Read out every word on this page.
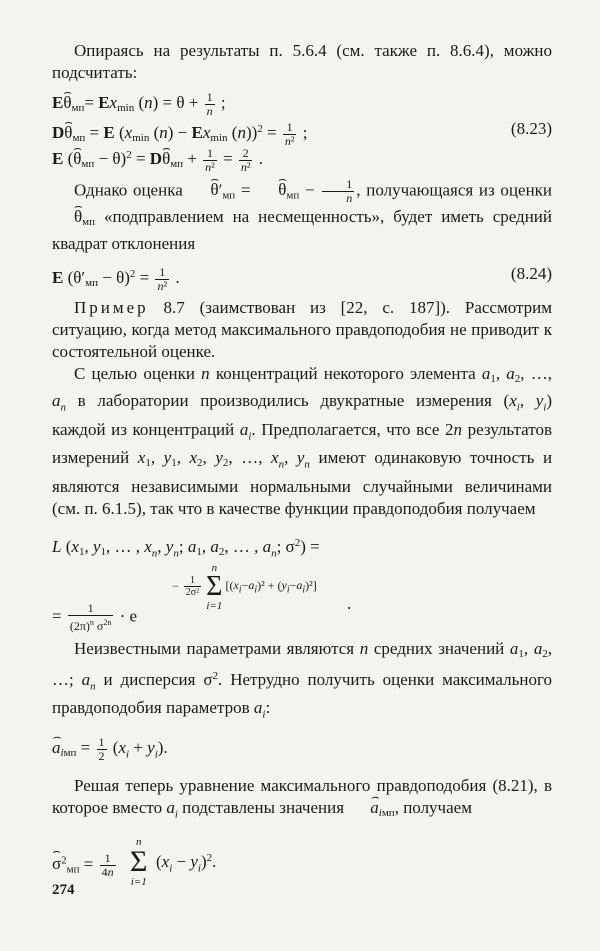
Опираясь на результаты п. 5.6.4 (см. также п. 8.6.4), можно подсчитать:

E⌢ $\theta_{мп}= Ex_{min}$ $(n) = \theta + \frac{1}{n}$ ;
D⌢ $\theta_{мп} = E$ ($x_{min}$ $(n) - Ex_{min}$ $(n))^2 = \frac{1}{\text{n²}}$ ;	(8.23)
E (⌢ $\theta_{мп} - \theta)^2$ = D⌢ $\theta_{мп} + \frac{1}{\text{n²}} = \frac{2}{\text{n²}}$ .

Однако оценка ⌢ $\theta'_{мп}$ = ⌢ $\theta_{мп} - \frac{1}{n}$ , получающаяся из оценки ⌢ $\theta_{мп}$ «подправлением на несмещенность», будет иметь средний квадрат отклонения

E $(\theta'_{мп} - \theta)^2 = \frac{1}{\text{n²}}$ .	(8.24)

Пример 8.7 (заимствован из [22, с. 187]). Рассмотрим ситуацию, когда метод максимального правдоподобия не приводит к состоятельной оценке.

С целью оценки n концентраций некоторого элемента $a_1$, $a_2$, …, $a_n$ в лаборатории производились двукратные измерения ($x_i$, $y_i$) каждой из концентраций $a_i$. Предполагается, что все 2n результатов измерений $x_1$, $y_1$, $x_2$, $y_2$, …, $x_n$, $y_n$ имеют одинаковую точность и являются независимыми нормальными случайными величинами (см. п. 6.1.5), так что в качестве функции правдоподобия получаем

L ($x_1$, $y_1$, … , $x_n$, $y_n$; $a_1$, $a_2$, … , $a_n$; $\sigma^2$) =
− $\frac{1}{\text{2σ²}}$

n
Σ
i=1
$[(x_i-a_i)^2 + (y_i-a_i)^2]$
= $\frac{1}{(2\pi)^n \sigma^{2n}} \cdot e$
.

Неизвестными параметрами являются n средних значений $a_1$, $a_2$, …; $a_n$ и дисперсия $\sigma^2$. Нетрудно получить оценки максимального правдоподобия параметров $a_i$:

⌢ $a_{iмп} = \frac{1}{2} (x_i + y_i)$.

Решая теперь уравнение максимального правдоподобия (8.21), в которое вместо $a_i$ подставлены значения ⌢ $a_{iмп}$, получаем

⌢ $\sigma^2_{мп} = \frac{1}{4n}$
n
Σ
i=1
$(x_i - y_i)^2$.
274
